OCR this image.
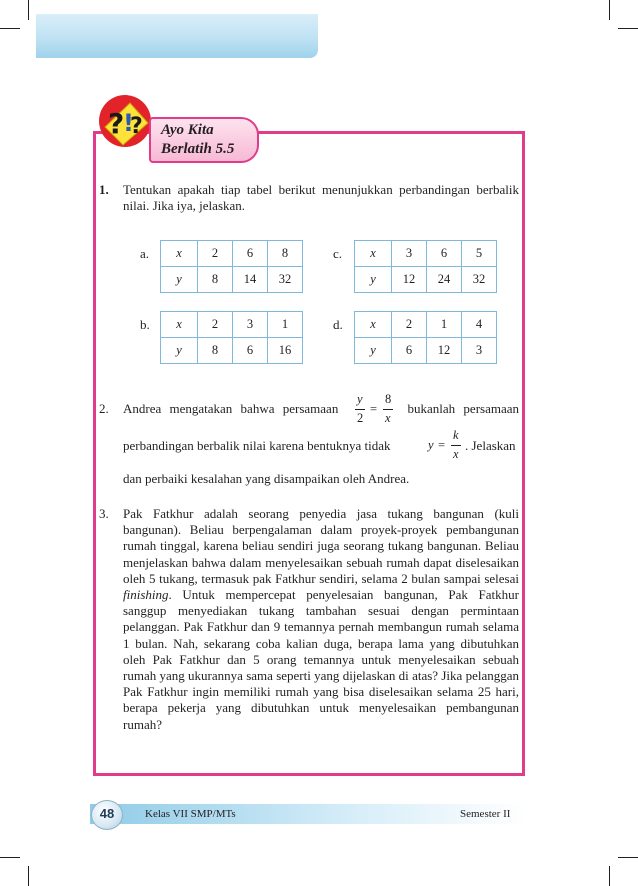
?
!
? Ayo Kita
Berlatih 5.5
1. Tentukan apakah tiap tabel berikut menunjukkan perbandingan berbalik nilai. Jika iya, jelaskan.
a. x	2	6	8
y	8	14	32
c. x	3	6	5
y	12	24	32
b. x	2	3	1
y	8	6	16
d. x	2	1	4
y	6	12	3
2. Andrea mengatakan bahwa persamaan
y
2
=
8
x
bukanlah persamaan
perbandingan berbalik nilai karena bentuknya tidak	y =
k
x
. Jelaskan
dan perbaiki kesalahan yang disampaikan oleh Andrea.
3. Pak Fatkhur adalah seorang penyedia jasa tukang bangunan (kuli bangunan). Beliau berpengalaman dalam proyek-proyek pembangunan rumah tinggal, karena beliau sendiri juga seorang tukang bangunan. Beliau menjelaskan bahwa dalam menyelesaikan sebuah rumah dapat diselesaikan oleh 5 tukang, termasuk pak Fatkhur sendiri, selama 2 bulan sampai selesai finishing. Untuk mempercepat penyelesaian bangunan, Pak Fatkhur sanggup menyediakan tukang tambahan sesuai dengan permintaan pelanggan. Pak Fatkhur dan 9 temannya pernah membangun rumah selama 1 bulan. Nah, sekarang coba kalian duga, berapa lama yang dibutuhkan oleh Pak Fatkhur dan 5 orang temannya untuk menyelesaikan sebuah rumah yang ukurannya sama seperti yang dijelaskan di atas? Jika pelanggan Pak Fatkhur ingin memiliki rumah yang bisa diselesaikan selama 25 hari, berapa pekerja yang dibutuhkan untuk menyelesaikan pembangunan rumah?
48	Kelas VII SMP/MTs	Semester II
